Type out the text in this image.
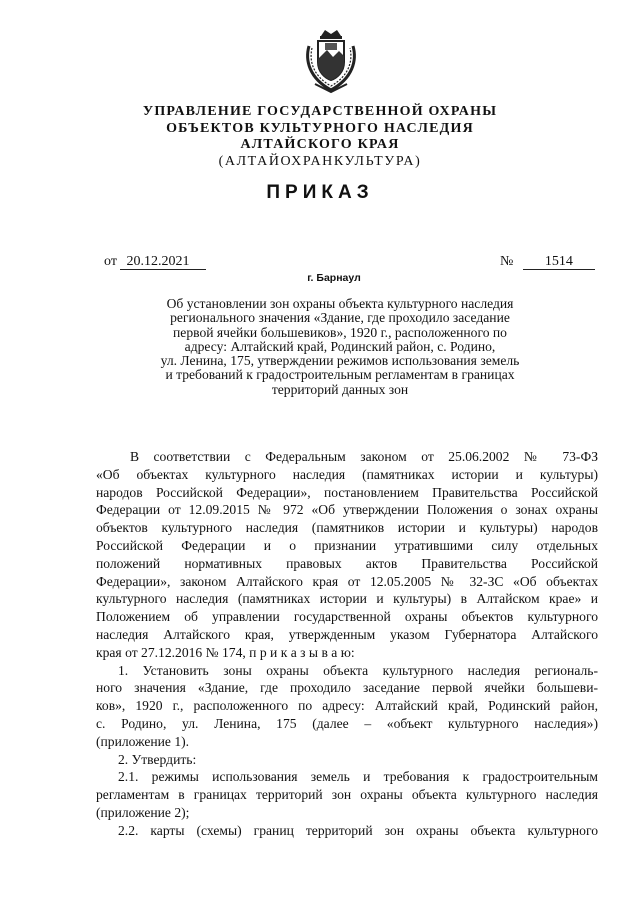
УПРАВЛЕНИЕ ГОСУДАРСТВЕННОЙ ОХРАНЫ
ОБЪЕКТОВ КУЛЬТУРНОГО НАСЛЕДИЯ
АЛТАЙСКОГО КРАЯ
(АЛТАЙОХРАНКУЛЬТУРА)
ПРИКАЗ
от 20.12.2021	№ 1514
г. Барнаул
Об установлении зон охраны объекта культурного наследия
регионального значения «Здание, где проходило заседание
первой ячейки большевиков», 1920 г., расположенного по
адресу: Алтайский край, Родинский район, с. Родино,
ул. Ленина, 175, утверждении режимов использования земель
и требований к градостроительным регламентам в границах
территорий данных зон
В соответствии с Федеральным законом от 25.06.2002 № 73-ФЗ
«Об объектах культурного наследия (памятниках истории и культуры)
народов Российской Федерации», постановлением Правительства Российской
Федерации от 12.09.2015 № 972 «Об утверждении Положения о зонах охраны
объектов культурного наследия (памятников истории и культуры) народов
Российской Федерации и о признании утратившими силу отдельных
положений нормативных правовых актов Правительства Российской
Федерации», законом Алтайского края от 12.05.2005 № 32-ЗС «Об объектах
культурного наследия (памятниках истории и культуры) в Алтайском крае» и
Положением об управлении государственной охраны объектов культурного
наследия Алтайского края, утвержденным указом Губернатора Алтайского
края от 27.12.2016 № 174, п р и к а з ы в а ю:
1. Установить зоны охраны объекта культурного наследия региональ-
ного значения «Здание, где проходило заседание первой ячейки большеви-
ков», 1920 г., расположенного по адресу: Алтайский край, Родинский район,
с. Родино, ул. Ленина, 175 (далее – «объект культурного наследия»)
(приложение 1).
2. Утвердить:
2.1. режимы использования земель и требования к градостроительным
регламентам в границах территорий зон охраны объекта культурного наследия
(приложение 2);
2.2. карты (схемы) границ территорий зон охраны объекта культурного
